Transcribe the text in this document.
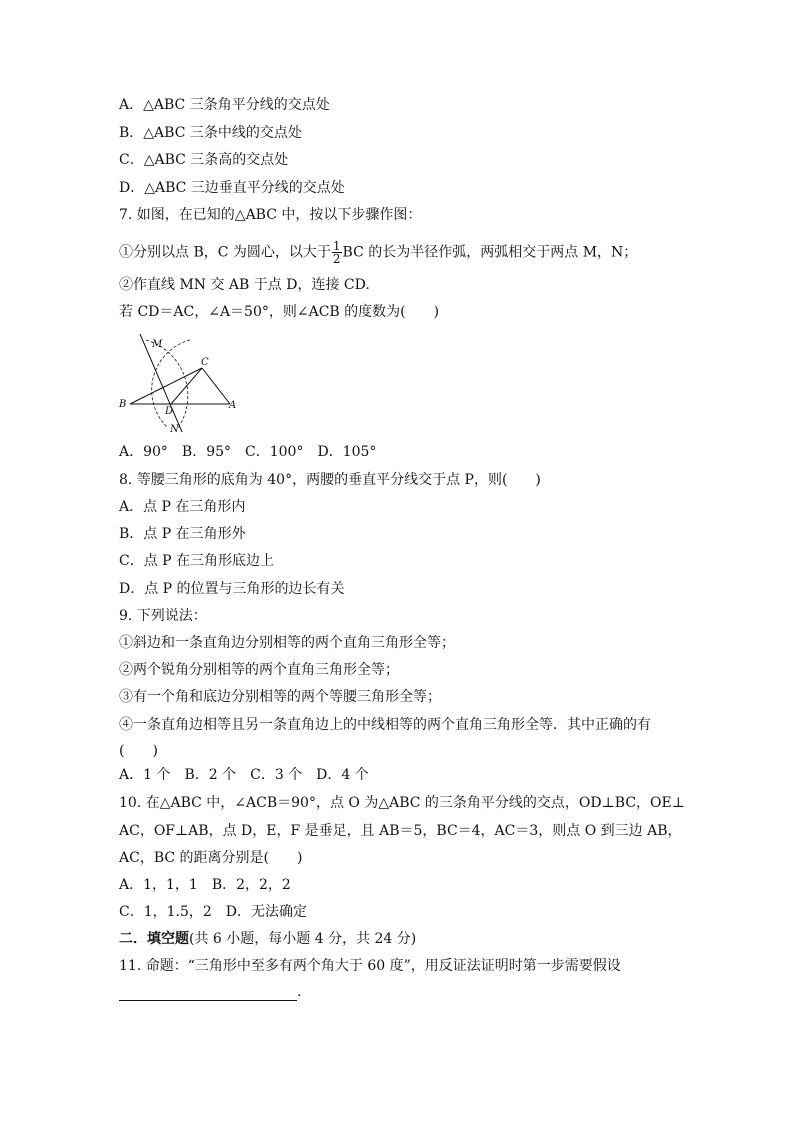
A．△ABC 三条角平分线的交点处
B．△ABC 三条中线的交点处
C．△ABC 三条高的交点处
D．△ABC 三边垂直平分线的交点处
7. 如图，在已知的△ABC 中，按以下步骤作图：
①分别以点 B，C 为圆心，以大于 $\frac{1}{2}$ BC 的长为半径作弧，两弧相交于两点 M，N；
②作直线 MN 交 AB 于点 D，连接 CD.
若 CD＝AC，∠A＝50°，则∠ACB 的度数为(　　)
M
C
B
D
A
N
A．90°　B．95°　C．100°　D．105°
8. 等腰三角形的底角为 40°，两腰的垂直平分线交于点 P，则(　　)
A．点 P 在三角形内
B．点 P 在三角形外
C．点 P 在三角形底边上
D．点 P 的位置与三角形的边长有关
9. 下列说法：
①斜边和一条直角边分别相等的两个直角三角形全等；
②两个锐角分别相等的两个直角三角形全等；
③有一个角和底边分别相等的两个等腰三角形全等；
④一条直角边相等且另一条直角边上的中线相等的两个直角三角形全等．其中正确的有
(　　)
A．1 个　B．2 个　C．3 个　D．4 个
10. 在△ABC 中，∠ACB＝90°，点 O 为△ABC 的三条角平分线的交点，OD⊥BC，OE⊥
AC，OF⊥AB，点 D，E，F 是垂足，且 AB＝5，BC＝4，AC＝3，则点 O 到三边 AB，
AC，BC 的距离分别是(　　)
A．1，1，1　B．2，2，2
C．1，1.5，2　D．无法确定
二．填空题(共 6 小题，每小题 4 分，共 24 分)
11. 命题：“三角形中至多有两个角大于 60 度”，用反证法证明时第一步需要假设
.
